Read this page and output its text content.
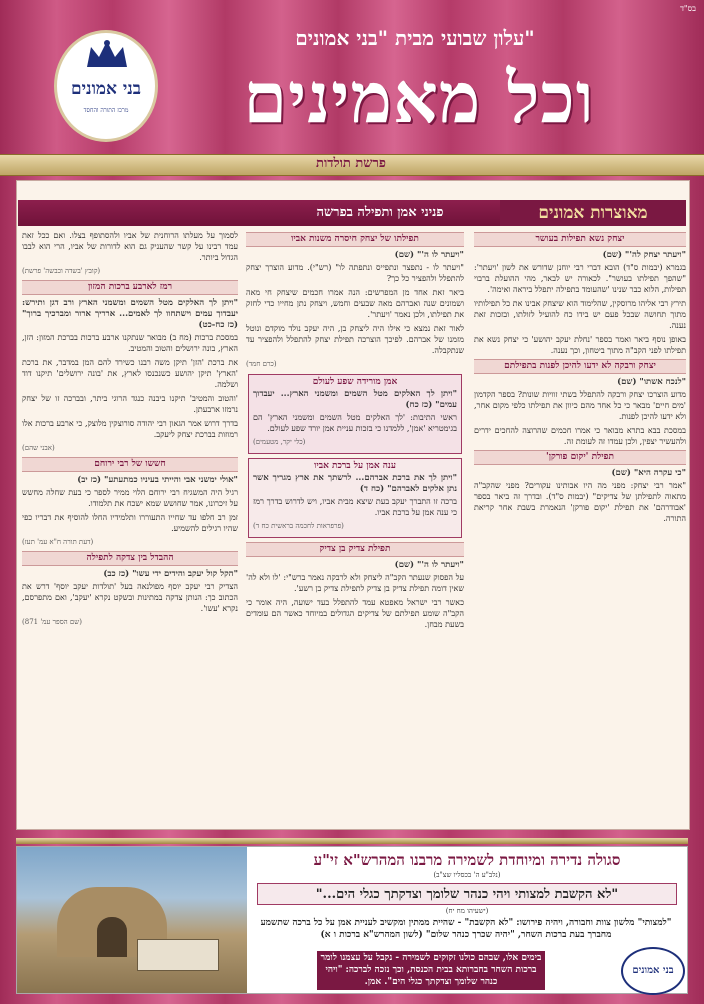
בס"ד
בני אמונים
מרכז התורה והחסד
עלון שבועי מבית "בני אמונים"
וכל מאמינים
פרשת תולדות
מאוצרות אמונים
פניני אמן ותפילה בפרשה
יצחק נשא תפילות בעושר
"ויעתר יצחק לה'" (שם)
בגמרא (יבמות ס"ד) הובא דברי רבי יוחנן שדורש את לשון 'ויעתר': "שהפך תפילתו בעושר". לכאורה יש לבאר, מהי ההועלת ברבוי תפילות, הלוא כבר שנינו 'שהעומד בתפילה יתפלל ביראה ואימה'.
תירץ רבי אליהו מרוסקין, שהלימוד הוא שיצחק אבינו את כל תפילותיו מתוך תחושה שבכל פעם יש בידו כח להועיל לזולתו, ובזכות זאת נענה.
באופן נוסף ביאר ואמר בספר 'נחלת יעקב יהושע' כי יצחק נשא את תפילתו לפני הקב"ה מתוך ביטחון, וכך נענה.
יצחק ורבקה לא ידעו להיכן לפנות בתפילתם
"לנכח אשתו" (שם)
מדוע הוצרכו יצחק ורבקה להתפלל בשתי זוויות שונות? בספר הקדמון 'מים חיים' מבאר כי כל אחד מהם כיוון את תפילתו כלפי מקום אחר, ולא ידעו להיכן לפנות.
במסכת בבא בתרא מבואר כי אמרו חכמים שהרוצה להחכים ידרים ולהעשיר יצפין, ולכן עמדו זה לעומת זה.
תפילת 'יקום פורקן'
"כי עקרה היא" (שם)
"אמר רבי יצחק: מפני מה היו אבותינו עקורים? מפני שהקב"ה מתאוה לתפילתן של צדיקים" (יבמות ס"ד). ובדרך זה ביאר בספר 'אבודרהם' את תפילת 'יקום פורקן' הנאמרת בשבת אחר קריאת התורה.
תפילתו של יצחק חיסרה משנות אביו
"ויעתר לו ה'" (שם)
"ויעתר לו - נתפצר ונתפייס ונתפתה לו" (רש"י). מדוע הוצרך יצחק להתפלל ולהפציר כל כך?
ביאר זאת אחד מן המפרשים: הנה אמרו חכמים שיצחק חי מאה ושמונים שנה ואברהם מאה שבעים וחמש, ויצחק נתן מחייו כדי לחזק את תפילתו, ולכן נאמר 'ויעתר'.
לאור זאת נמצא כי אילו היה ליצחק בן, היה יעקב נולד מוקדם ונוטל מזמנו של אברהם. לפיכך הוצרכה תפילת יצחק להתפלל ולהפציר עד שנתקבלה.
(כרם חמד)
אמן מורידה שפע לעולם
"ויתן לך האלקים מטל השמים ומשמני הארץ... יעבדוך עמים" (כז כח)
ראשי התיבות: 'לך האלקים מטל השמים ומשמני הארץ' הם בגימטריא 'אמן', ללמדנו כי בזכות עניית אמן יורד שפע לעולם.
(כלי יקר, מטעמים)
ענה אמן על ברכת אביו
"ויתן לך את ברכת אברהם... לרשתך את ארץ מגריך אשר נתן אלקים לאברהם" (כח ד)
ברכה זו התברך יעקב בעת שיצא מבית אביו, ויש לדרוש בדרך רמז כי ענה אמן על ברכת אביו.
(פרפראות לחכמה בראשית כח ד)
תפילת צדיק בן צדיק
"ויעתר לו ה'" (שם)
על הפסוק שנעתר הקב"ה ליצחק ולא לרבקה נאמר ברש"י: 'לו ולא לה' שאין דומה תפילת צדיק בן צדיק לתפילת צדיק בן רשע'.
כאשר רבי ישראל מאפטא עמד להתפלל בעד ישועה, היה אומר כי הקב"ה שומע תפילתם של צדיקים הגדולים במיוחד כאשר הם עומדים בשעת מבחן.
לסמוך על מעלתו הרוחנית של אביו ולהסתופף בצלו. ואם ככל זאת עמד רבינו על קשר שהעניק גם הוא לדורות של אביו, הרי הוא לבבו הגדול ביותר.
(קובץ 'בשדה וכבשה' פרשת)
רמז לארבע ברכות המזון
"ויתן לך האלקים מטל השמים ומשמני הארץ ורב דגן ותירש: יעבדוך עמים וישתחוו לך לאמים... ארריך ארור ומברכיך ברוך" (כז כח-כט)
במסכת ברכות (מח ב) מבואר שנתקנו ארבע ברכות בברכת המזון: הזן, הארץ, בונה ירושלים והטוב והמטיב.
את ברכת 'הזן' תיקן משה רבנו כשירד להם המן במדבר, את ברכת 'הארץ' תיקן יהושע כשנכנסו לארץ, את 'בונה ירושלים' תיקנו דוד ושלמה.
'והטוב והמטיב' תיקנו ביבנה כנגד הרוגי ביתר, ובברכה זו של יצחק נרמזו ארבעתן.
בדרך דרוש אמר הגאון רבי יהודה סורוצקין מלוצק, כי ארבע ברכות אלו רמוזות בברכת יצחק ליעקב.
(אבני שהם)
חששו של רבי ירוחם
"אולי ימשני אבי והייתי בעיניו כמתעתע" (כז יב)
רגיל היה המשגיח רבי ירוחם הלוי ממיר לספר כי בעת שחלה מחשש על זיכרונו, אמר שחושש שמא ישכח את תלמודו.
זמן רב חלפו עד שחייו התעוררו ותלמידיו החלו להוסיף את דבריו כפי שהיו רגילים להשמיע.
(דעת תורה ח"א עמ' תעז)
ההבדל בין צדקה לתפילה
"הקל קול יעקב והידים ידי עשו" (כז כב)
הצדיק רבי יעקב יוסף מפולנאה בעל 'תולדות יעקב יוסף' דרש את הכתוב כך: הנותן צדקה במתינות ובשקט נקרא 'יעקב', ואם מתפרסם, נקרא 'עשו'.
(שם הספר עמ' 871)
סגולה נדירה ומיוחדת לשמירה מרבנו המהרש"א זי"ע
(נלב"ע ה' בכסליו שצ"ב)
"לא הקשבת למצותי ויהי כנהר שלומך וצדקתך כגלי הים..."
(ישעיהו מח יח)
"למצותי" מלשון צוות וחבורה, ויהיה פירושו: "לא הקשבת" - שהיית ממתין ומקשיב לעניית אמן על כל ברכה שתשמע מחברך בעת ברכות השחר, "יהיה שכרך כנהר שלום" (לשון המהרש"א ברכות ו א)
בימים אלו, שבהם כולנו זקוקים לשמירה - נקבל על עצמנו לומר ברכות השחר בחברותא בבית הכנסת, וכך נזכה לברכה: "ויהי כנהר שלומך וצדקתך כגלי הים". אמן.
בני אמונים
